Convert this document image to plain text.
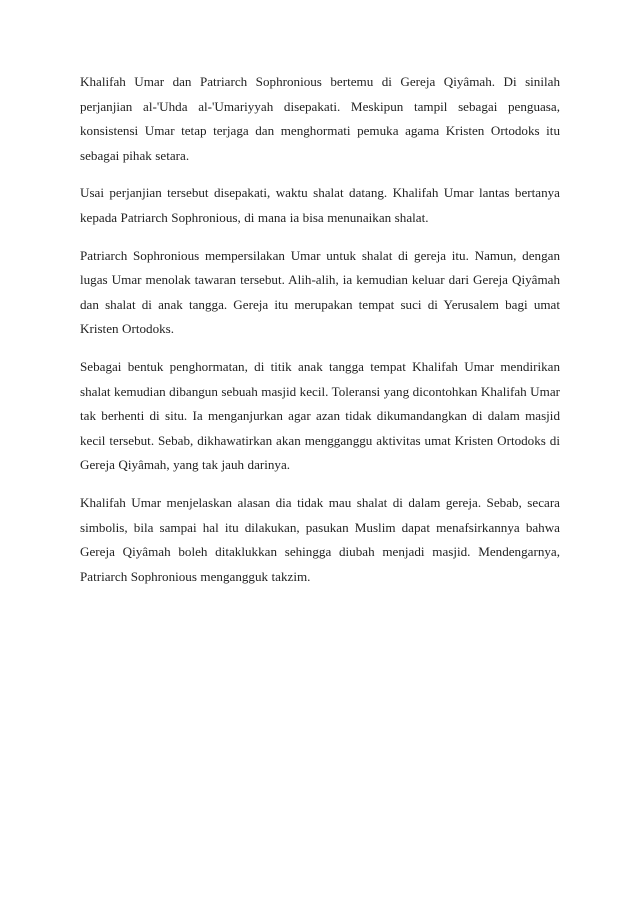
Khalifah Umar dan Patriarch Sophronious bertemu di Gereja Qiyâmah. Di sinilah perjanjian al-'Uhda al-'Umariyyah disepakati. Meskipun tampil sebagai penguasa, konsistensi Umar tetap terjaga dan menghormati pemuka agama Kristen Ortodoks itu sebagai pihak setara.

Usai perjanjian tersebut disepakati, waktu shalat datang. Khalifah Umar lantas bertanya kepada Patriarch Sophronious, di mana ia bisa menunaikan shalat.

Patriarch Sophronious mempersilakan Umar untuk shalat di gereja itu. Namun, dengan lugas Umar menolak tawaran tersebut. Alih-alih, ia kemudian keluar dari Gereja Qiyâmah dan shalat di anak tangga. Gereja itu merupakan tempat suci di Yerusalem bagi umat Kristen Ortodoks.

Sebagai bentuk penghormatan, di titik anak tangga tempat Khalifah Umar mendirikan shalat kemudian dibangun sebuah masjid kecil. Toleransi yang dicontohkan Khalifah Umar tak berhenti di situ. Ia menganjurkan agar azan tidak dikumandangkan di dalam masjid kecil tersebut. Sebab, dikhawatirkan akan mengganggu aktivitas umat Kristen Ortodoks di Gereja Qiyâmah, yang tak jauh darinya.

Khalifah Umar menjelaskan alasan dia tidak mau shalat di dalam gereja. Sebab, secara simbolis, bila sampai hal itu dilakukan, pasukan Muslim dapat menafsirkannya bahwa Gereja Qiyâmah boleh ditaklukkan sehingga diubah menjadi masjid. Mendengarnya, Patriarch Sophronious mengangguk takzim.
